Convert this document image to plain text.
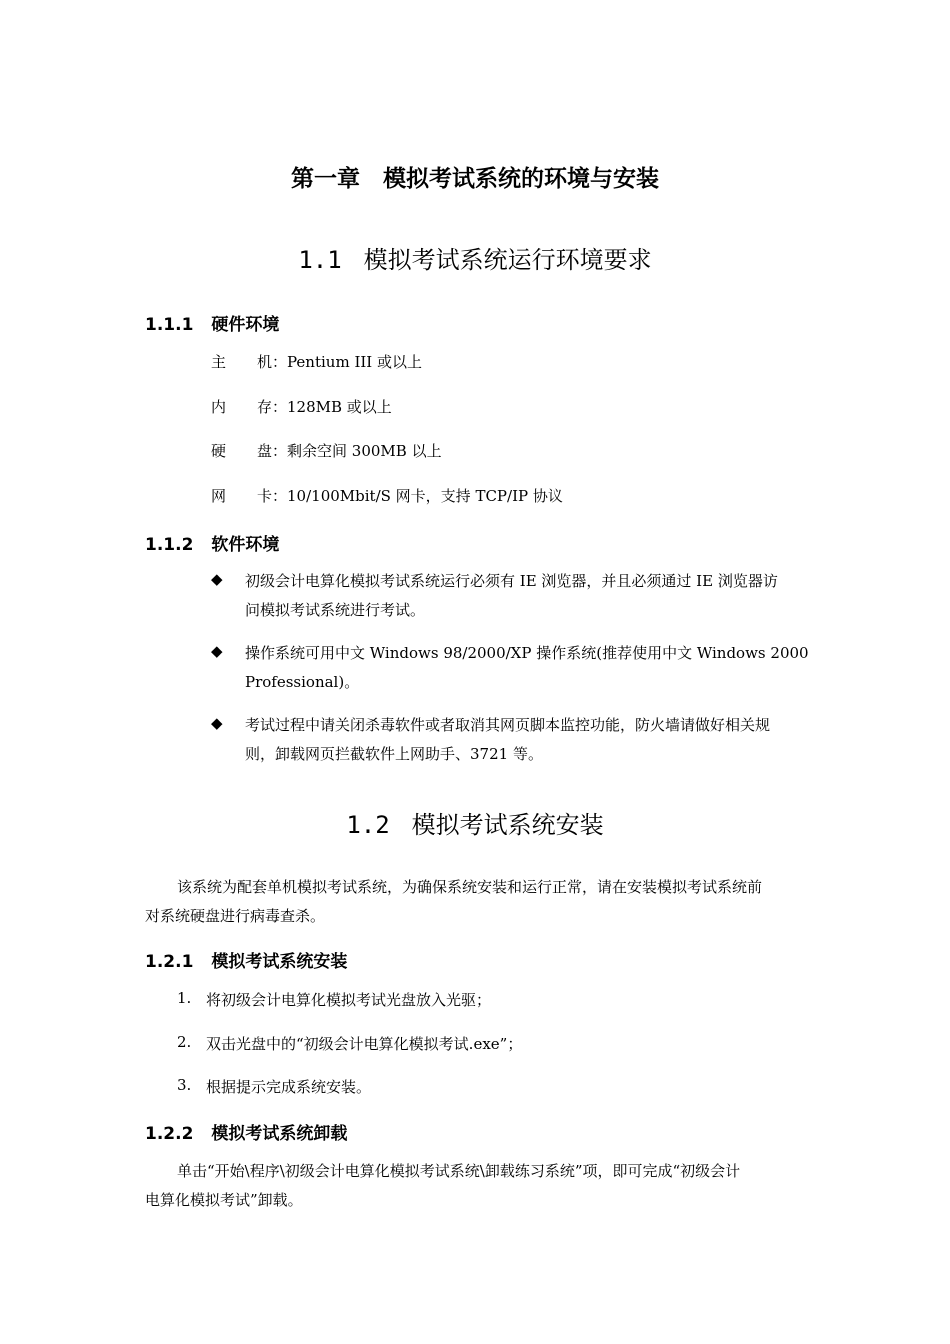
第一章　模拟考试系统的环境与安装
1.1 模拟考试系统运行环境要求
1.1.1 硬件环境
主 机：Pentium III 或以上
内 存：128MB 或以上
硬 盘：剩余空间 300MB 以上
网 卡：10/100Mbit/S 网卡，支持 TCP/IP 协议
1.1.2 软件环境
◆ 初级会计电算化模拟考试系统运行必须有 IE 浏览器，并且必须通过 IE 浏览器访
问模拟考试系统进行考试。
◆ 操作系统可用中文 Windows 98/2000/XP 操作系统(推荐使用中文 Windows 2000
Professional)。
◆ 考试过程中请关闭杀毒软件或者取消其网页脚本监控功能，防火墙请做好相关规
则，卸载网页拦截软件上网助手、3721 等。
1.2 模拟考试系统安装
该系统为配套单机模拟考试系统，为确保系统安装和运行正常，请在安装模拟考试系统前
对系统硬盘进行病毒查杀。
1.2.1 模拟考试系统安装
1. 将初级会计电算化模拟考试光盘放入光驱；
2. 双击光盘中的“初级会计电算化模拟考试.exe”；
3. 根据提示完成系统安装。
1.2.2 模拟考试系统卸载
单击“开始\程序\初级会计电算化模拟考试系统\卸载练习系统”项，即可完成“初级会计
电算化模拟考试”卸载。
